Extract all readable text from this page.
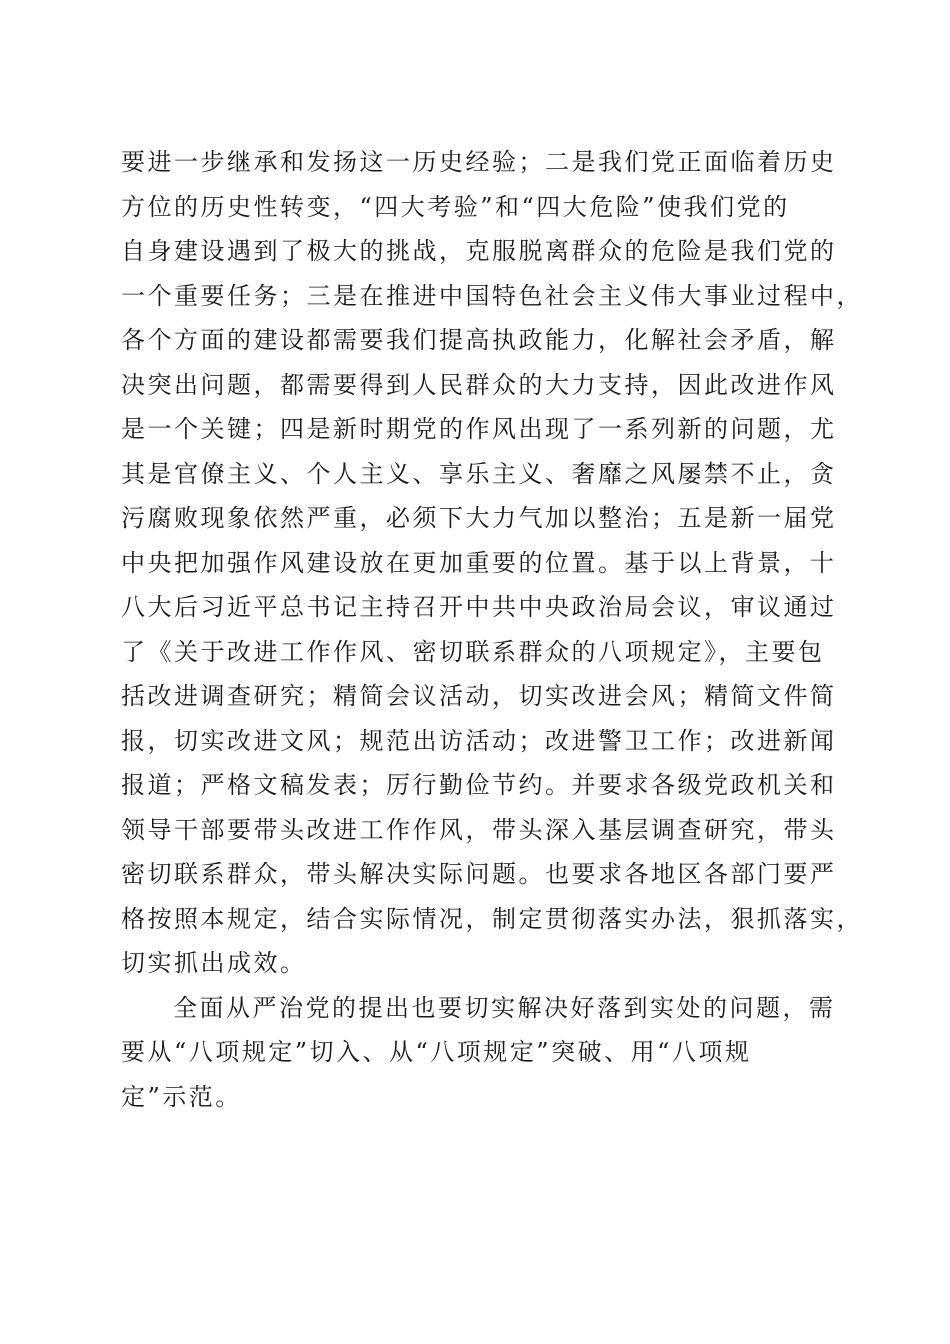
要进一步继承和发扬这一历史经验；二是我们党正面临着历史
方位的历史性转变，“四大考验”和“四大危险”使我们党的
自身建设遇到了极大的挑战，克服脱离群众的危险是我们党的
一个重要任务；三是在推进中国特色社会主义伟大事业过程中，
各个方面的建设都需要我们提高执政能力，化解社会矛盾，解
决突出问题，都需要得到人民群众的大力支持，因此改进作风
是一个关键；四是新时期党的作风出现了一系列新的问题，尤
其是官僚主义、个人主义、享乐主义、奢靡之风屡禁不止，贪
污腐败现象依然严重，必须下大力气加以整治；五是新一届党
中央把加强作风建设放在更加重要的位置。基于以上背景，十
八大后习近平总书记主持召开中共中央政治局会议，审议通过
了《关于改进工作作风、密切联系群众的八项规定》，主要包
括改进调查研究；精简会议活动，切实改进会风；精简文件简
报，切实改进文风；规范出访活动；改进警卫工作；改进新闻
报道；严格文稿发表；厉行勤俭节约。并要求各级党政机关和
领导干部要带头改进工作作风，带头深入基层调查研究，带头
密切联系群众，带头解决实际问题。也要求各地区各部门要严
格按照本规定，结合实际情况，制定贯彻落实办法，狠抓落实，
切实抓出成效。
全面从严治党的提出也要切实解决好落到实处的问题，需
要从“八项规定”切入、从“八项规定”突破、用“八项规
定”示范。
